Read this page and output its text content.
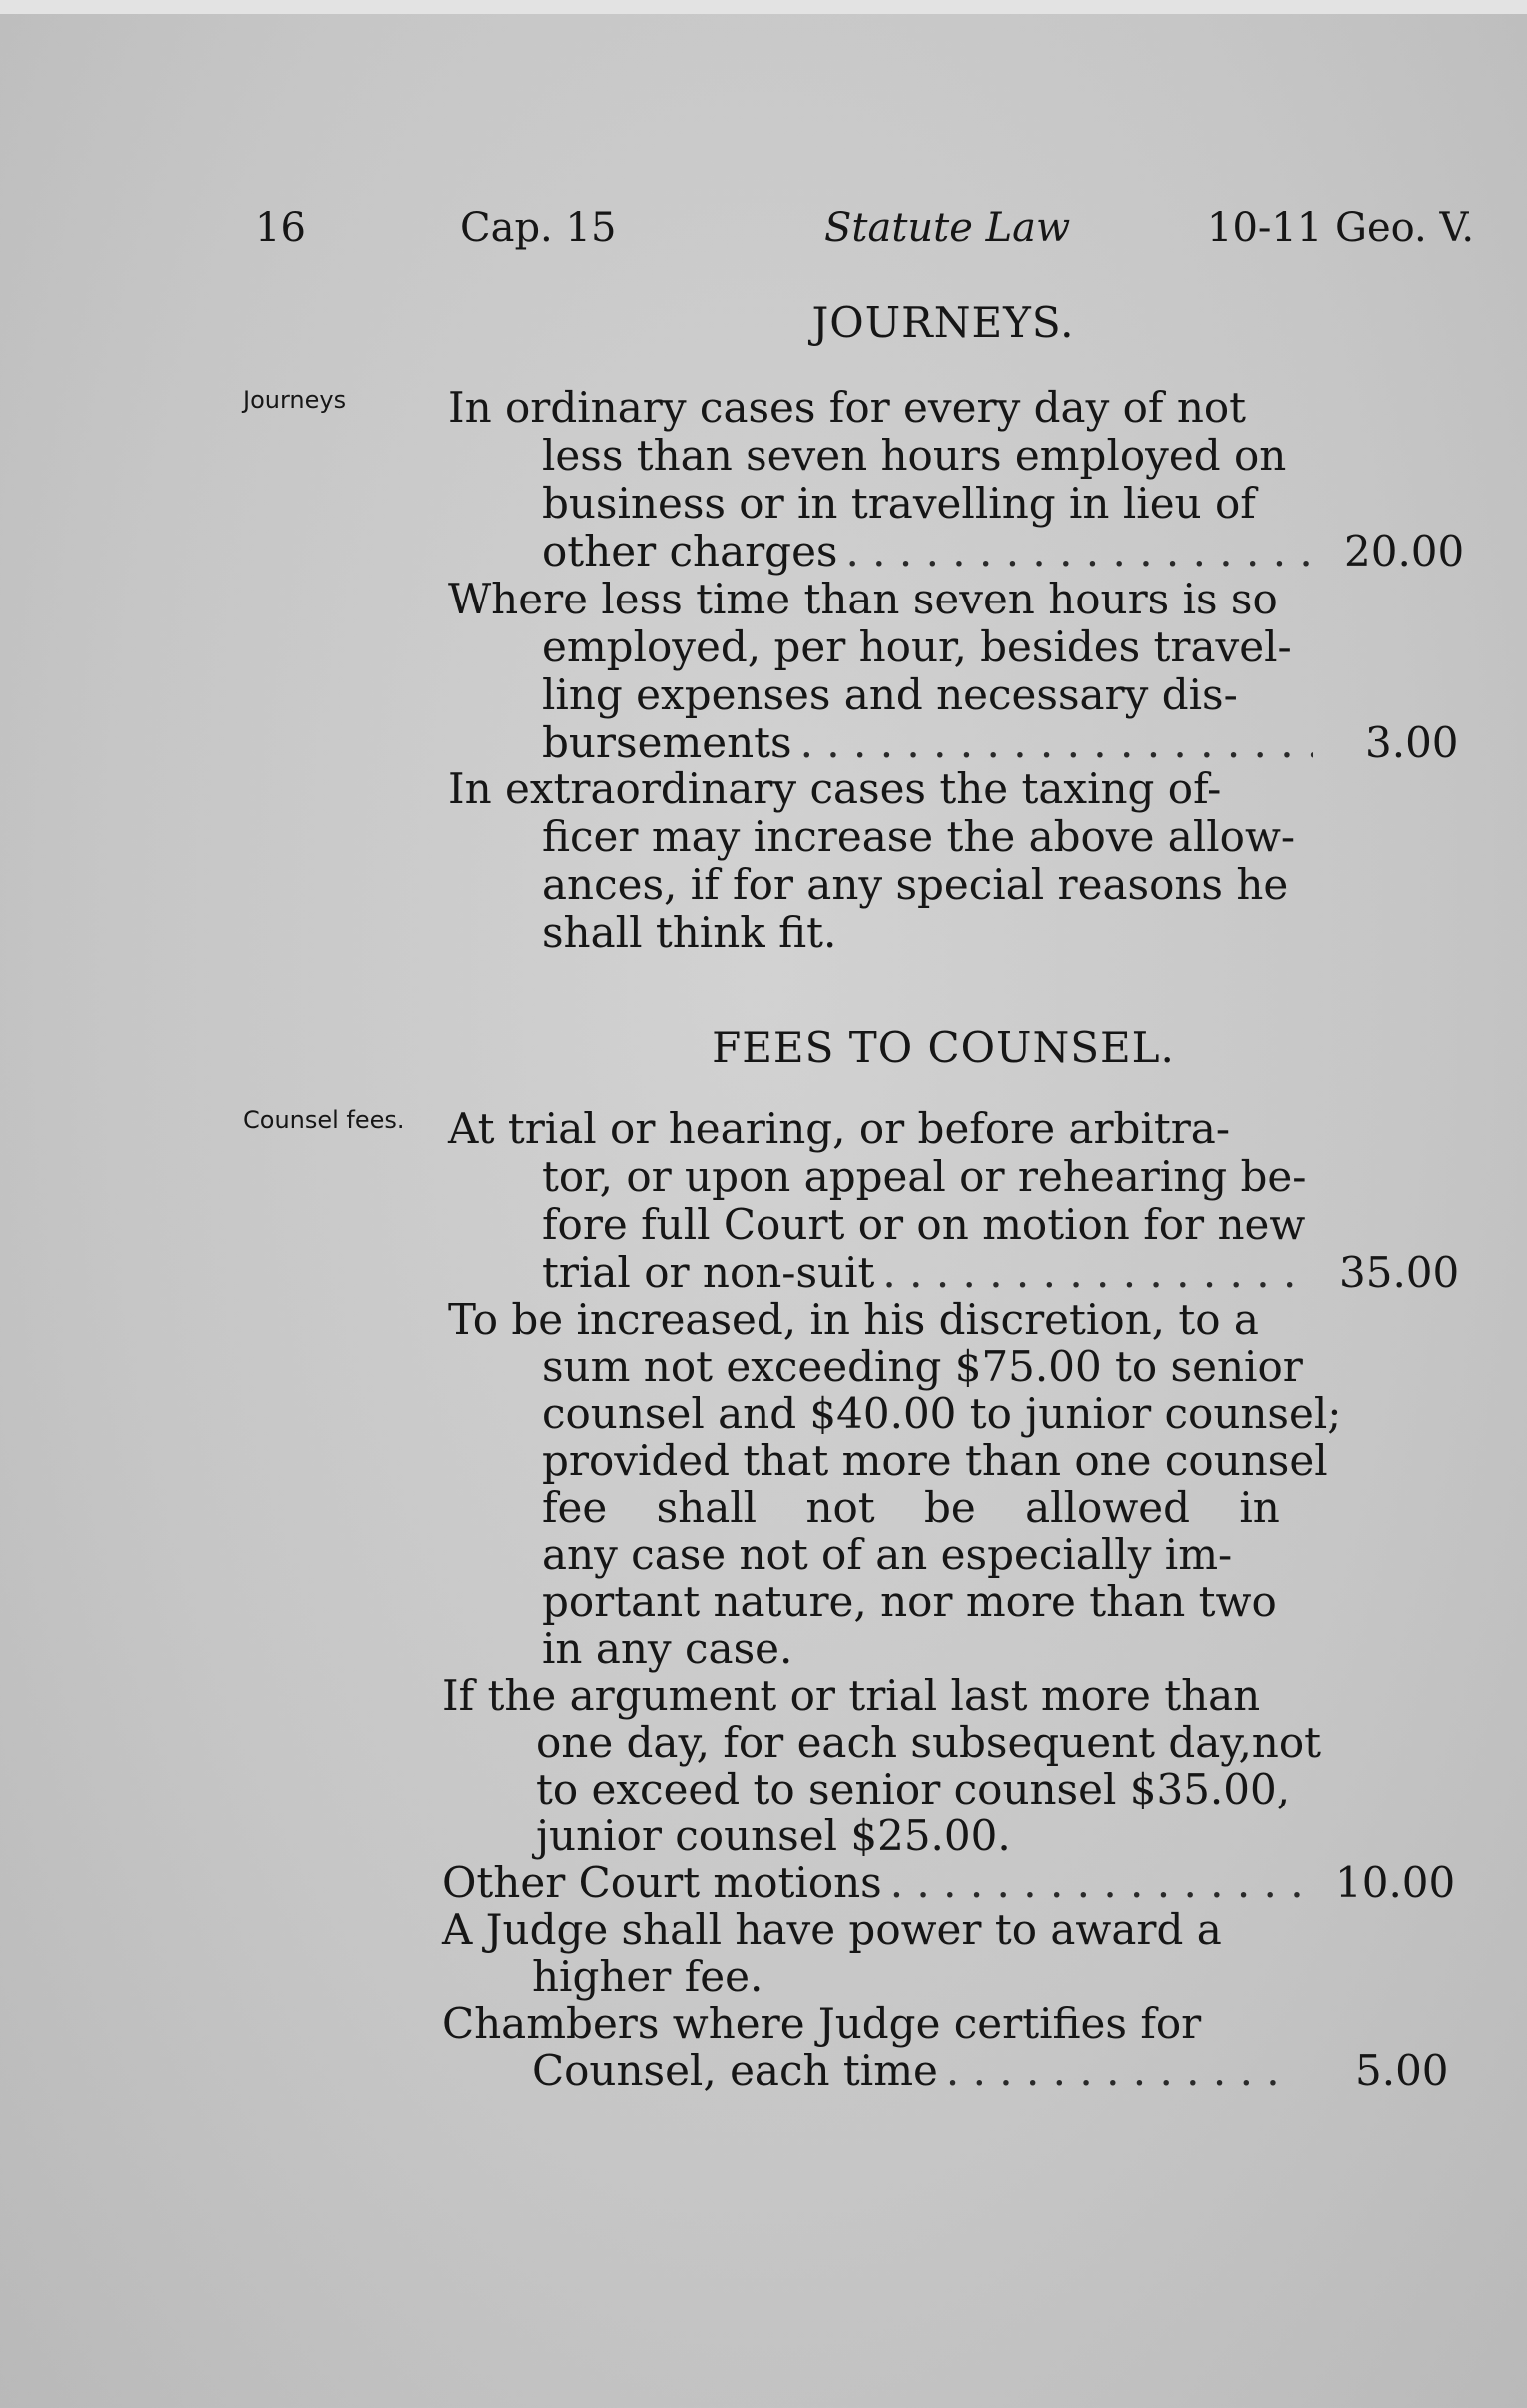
16	Cap. 15	Statute Law	10-11 Geo. V.
JOURNEYS.
Journeys In ordinary cases for every day of not
less than seven hours employed on
business or in travelling in lieu of
other charges . . .	20.00
Where less time than seven hours is so
employed, per hour, besides travel-
ling expenses and necessary dis-
bursements . . .	3.00
In extraordinary cases the taxing of-
ficer may increase the above allow-
ances, if for any special reasons he
shall think fit.
FEES TO COUNSEL.
Counsel fees. At trial or hearing, or before arbitra-
tor, or upon appeal or rehearing be-
fore full Court or on motion for new
trial or non-suit . . .	35.00
To be increased, in his discretion, to a
sum not exceeding $75.00 to senior
counsel and $40.00 to junior counsel;
provided that more than one counsel
fee shall not be allowed in
any case not of an especially im-
portant nature, nor more than two
in any case.
If the argument or trial last more than
one day, for each subsequent day,not
to exceed to senior counsel $35.00,
junior counsel $25.00.
Other Court motions . . .	10.00
A Judge shall have power to award a
higher fee.
Chambers where Judge certifies for
Counsel, each time . . .	5.00
